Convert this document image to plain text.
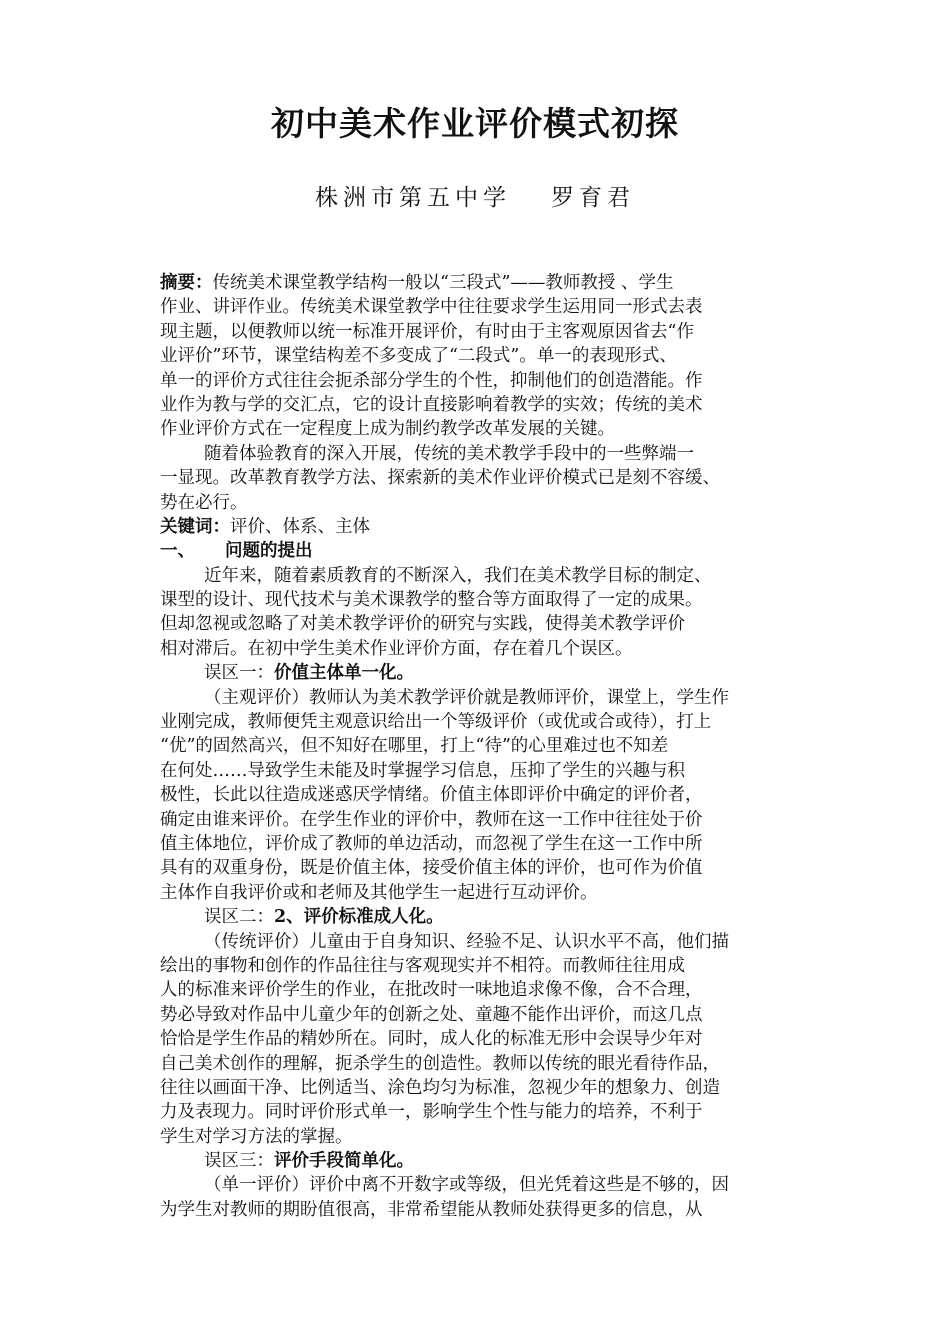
初中美术作业评价模式初探
株洲市第五中学 罗育君
摘要：传统美术课堂教学结构一般以“三段式”——教师教授 、学生
作业、讲评作业。传统美术课堂教学中往往要求学生运用同一形式去表
现主题，以便教师以统一标准开展评价，有时由于主客观原因省去“作
业评价”环节，课堂结构差不多变成了“二段式”。单一的表现形式、
单一的评价方式往往会扼杀部分学生的个性，抑制他们的创造潜能。作
业作为教与学的交汇点，它的设计直接影响着教学的实效；传统的美术
作业评价方式在一定程度上成为制约教学改革发展的关键。
随着体验教育的深入开展，传统的美术教学手段中的一些弊端一
一显现。改革教育教学方法、探索新的美术作业评价模式已是刻不容缓、
势在必行。
关键词：评价、体系、主体
一、 问题的提出
近年来，随着素质教育的不断深入，我们在美术教学目标的制定、
课型的设计、现代技术与美术课教学的整合等方面取得了一定的成果。
但却忽视或忽略了对美术教学评价的研究与实践，使得美术教学评价
相对滞后。在初中学生美术作业评价方面，存在着几个误区。
误区一：价值主体单一化。
（主观评价）教师认为美术教学评价就是教师评价，课堂上，学生作
业刚完成，教师便凭主观意识给出一个等级评价（或优或合或待），打上
“优”的固然高兴，但不知好在哪里，打上“待”的心里难过也不知差
在何处……导致学生未能及时掌握学习信息，压抑了学生的兴趣与积
极性，长此以往造成迷惑厌学情绪。价值主体即评价中确定的评价者，
确定由谁来评价。在学生作业的评价中，教师在这一工作中往往处于价
值主体地位，评价成了教师的单边活动，而忽视了学生在这一工作中所
具有的双重身份，既是价值主体，接受价值主体的评价，也可作为价值
主体作自我评价或和老师及其他学生一起进行互动评价。
误区二：2、评价标准成人化。
（传统评价）儿童由于自身知识、经验不足、认识水平不高，他们描
绘出的事物和创作的作品往往与客观现实并不相符。而教师往往用成
人的标准来评价学生的作业，在批改时一味地追求像不像，合不合理，
势必导致对作品中儿童少年的创新之处、童趣不能作出评价，而这几点
恰恰是学生作品的精妙所在。同时，成人化的标准无形中会误导少年对
自己美术创作的理解，扼杀学生的创造性。教师以传统的眼光看待作品，
往往以画面干净、比例适当、涂色均匀为标准，忽视少年的想象力、创造
力及表现力。同时评价形式单一，影响学生个性与能力的培养，不利于
学生对学习方法的掌握。
误区三：评价手段简单化。
（单一评价）评价中离不开数字或等级，但光凭着这些是不够的，因
为学生对教师的期盼值很高，非常希望能从教师处获得更多的信息，从
